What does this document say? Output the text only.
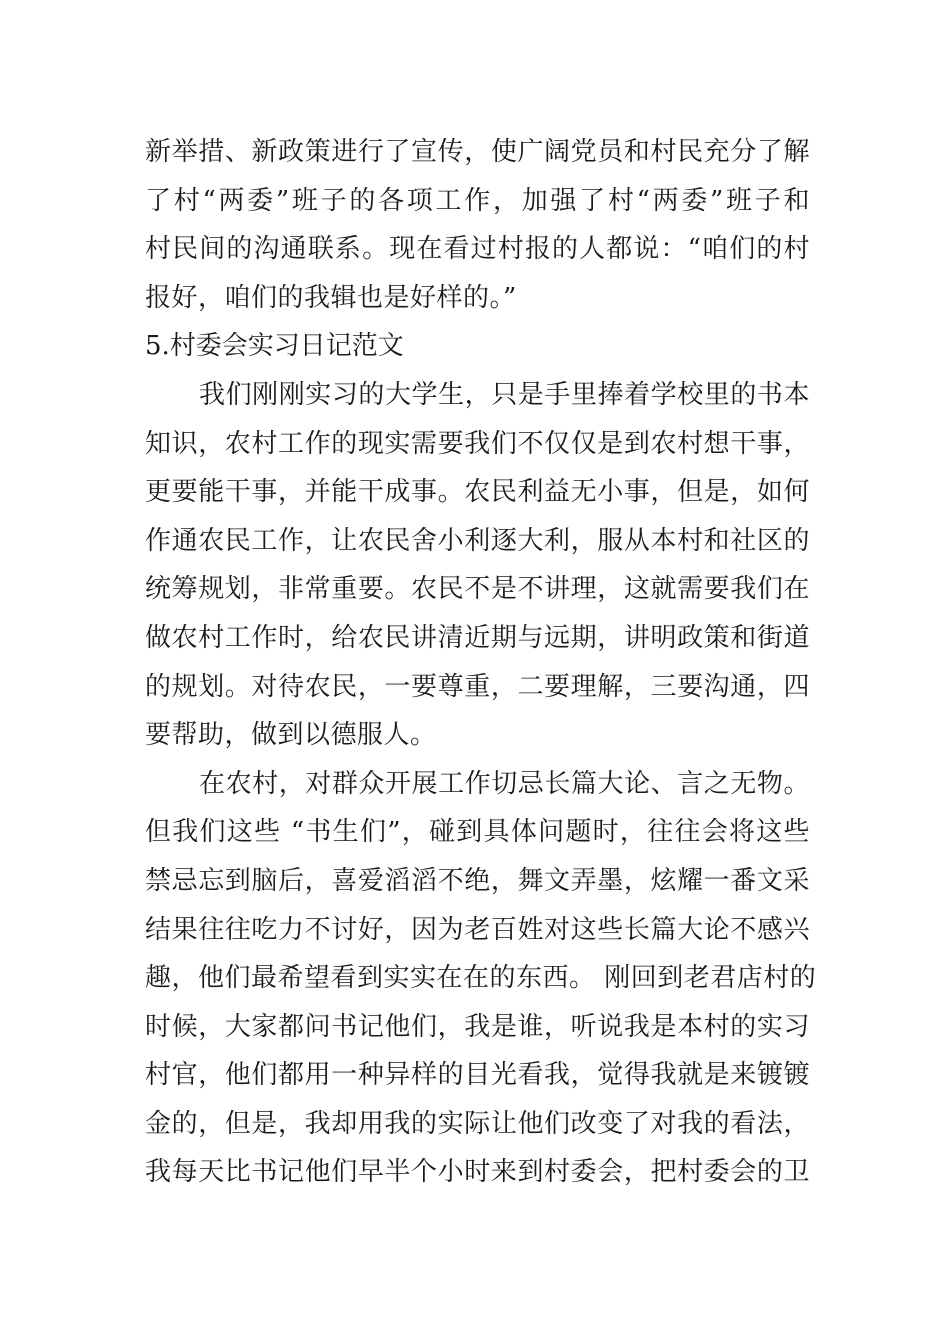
新举措、新政策进行了宣传，使广阔党员和村民充分了解
了村“两委”班子的各项工作，加强了村“两委”班子和
村民间的沟通联系。现在看过村报的人都说：“咱们的村
报好，咱们的我辑也是好样的。”
5.村委会实习日记范文
我们刚刚实习的大学生，只是手里捧着学校里的书本
知识，农村工作的现实需要我们不仅仅是到农村想干事，
更要能干事，并能干成事。农民利益无小事，但是，如何
作通农民工作，让农民舍小利逐大利，服从本村和社区的
统筹规划，非常重要。农民不是不讲理，这就需要我们在
做农村工作时，给农民讲清近期与远期，讲明政策和街道
的规划。对待农民，一要尊重，二要理解，三要沟通，四
要帮助，做到以德服人。
在农村，对群众开展工作切忌长篇大论、言之无物。
但我们这些 “书生们”，碰到具体问题时，往往会将这些
禁忌忘到脑后，喜爱滔滔不绝，舞文弄墨，炫耀一番文采
结果往往吃力不讨好，因为老百姓对这些长篇大论不感兴
趣，他们最希望看到实实在在的东西。 刚回到老君店村的
时候，大家都问书记他们，我是谁，听说我是本村的实习
村官，他们都用一种异样的目光看我，觉得我就是来镀镀
金的，但是，我却用我的实际让他们改变了对我的看法，
我每天比书记他们早半个小时来到村委会，把村委会的卫
